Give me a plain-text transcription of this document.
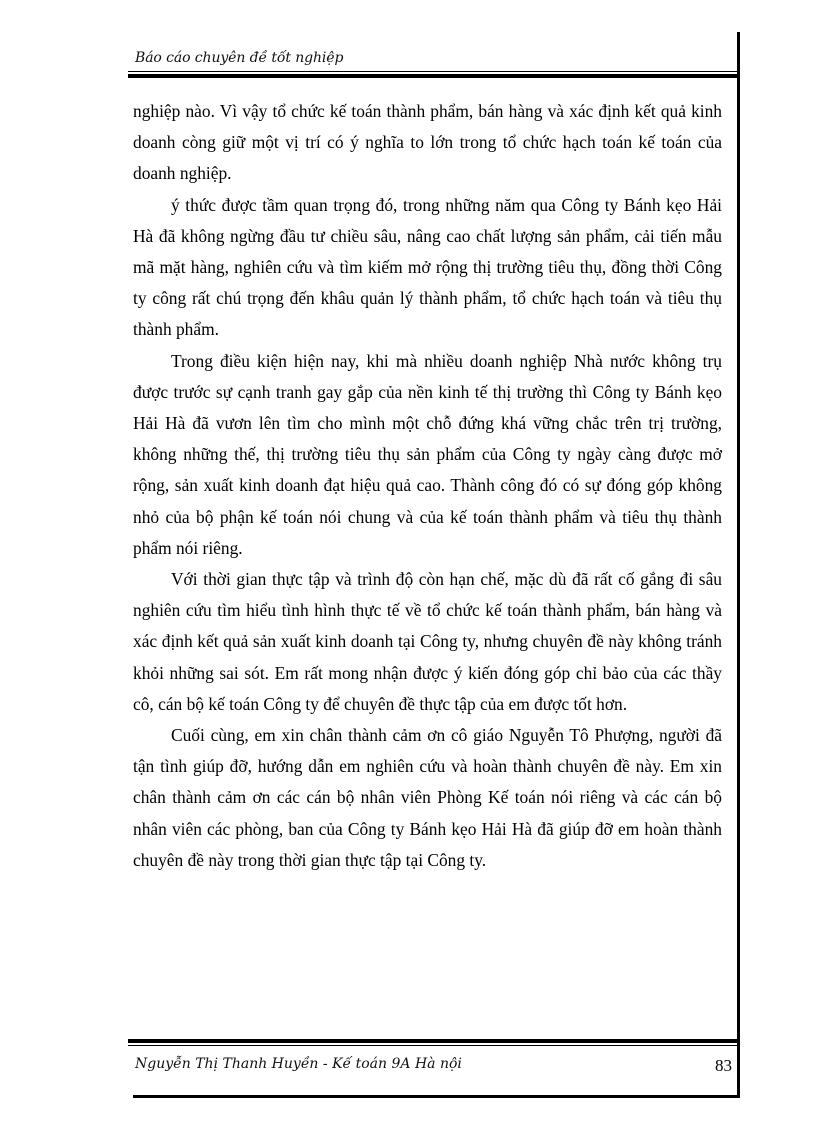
Báo cáo chuyên đề tốt nghiệp

nghiệp nào. Vì vậy tổ chức kế toán thành phẩm, bán hàng và xác định kết quả kinh doanh còng giữ một vị trí có ý nghĩa to lớn trong tổ chức hạch toán kế toán của doanh nghiệp.

ý thức được tầm quan trọng đó, trong những năm qua Công ty Bánh kẹo Hải Hà đã không ngừng đầu tư chiều sâu, nâng cao chất lượng sản phẩm, cải tiến mẫu mã mặt hàng, nghiên cứu và tìm kiếm mở rộng thị trường tiêu thụ, đồng thời Công ty công rất chú trọng đến khâu quản lý thành phẩm, tổ chức hạch toán và tiêu thụ thành phẩm.

Trong điều kiện hiện nay, khi mà nhiều doanh nghiệp Nhà nước không trụ được trước sự cạnh tranh gay gắp của nền kinh tế thị trường thì Công ty Bánh kẹo Hải Hà đã vươn lên tìm cho mình một chỗ đứng khá vững chắc trên trị trường, không những thế, thị trường tiêu thụ sản phẩm của Công ty ngày càng được mở rộng, sản xuất kinh doanh đạt hiệu quả cao. Thành công đó có sự đóng góp không nhỏ của bộ phận kế toán nói chung và của kế toán thành phẩm và tiêu thụ thành phẩm nói riêng.

Với thời gian thực tập và trình độ còn hạn chế, mặc dù đã rất cố gắng đi sâu nghiên cứu tìm hiểu tình hình thực tế về tổ chức kế toán thành phẩm, bán hàng và xác định kết quả sản xuất kinh doanh tại Công ty, nhưng chuyên đề này không tránh khỏi những sai sót. Em rất mong nhận được ý kiến đóng góp chỉ bảo của các thầy cô, cán bộ kế toán Công ty để chuyên đề thực tập của em được tốt hơn.

Cuối cùng, em xin chân thành cảm ơn cô giáo Nguyễn Tô Phượng, người đã tận tình giúp đỡ, hướng dẫn em nghiên cứu và hoàn thành chuyên đề này. Em xin chân thành cảm ơn các cán bộ nhân viên Phòng Kế toán nói riêng và các cán bộ nhân viên các phòng, ban của Công ty Bánh kẹo Hải Hà đã giúp đỡ em hoàn thành chuyên đề này trong thời gian thực tập tại Công ty.

Nguyễn Thị Thanh Huyền - Kế toán 9A Hà nội	83
